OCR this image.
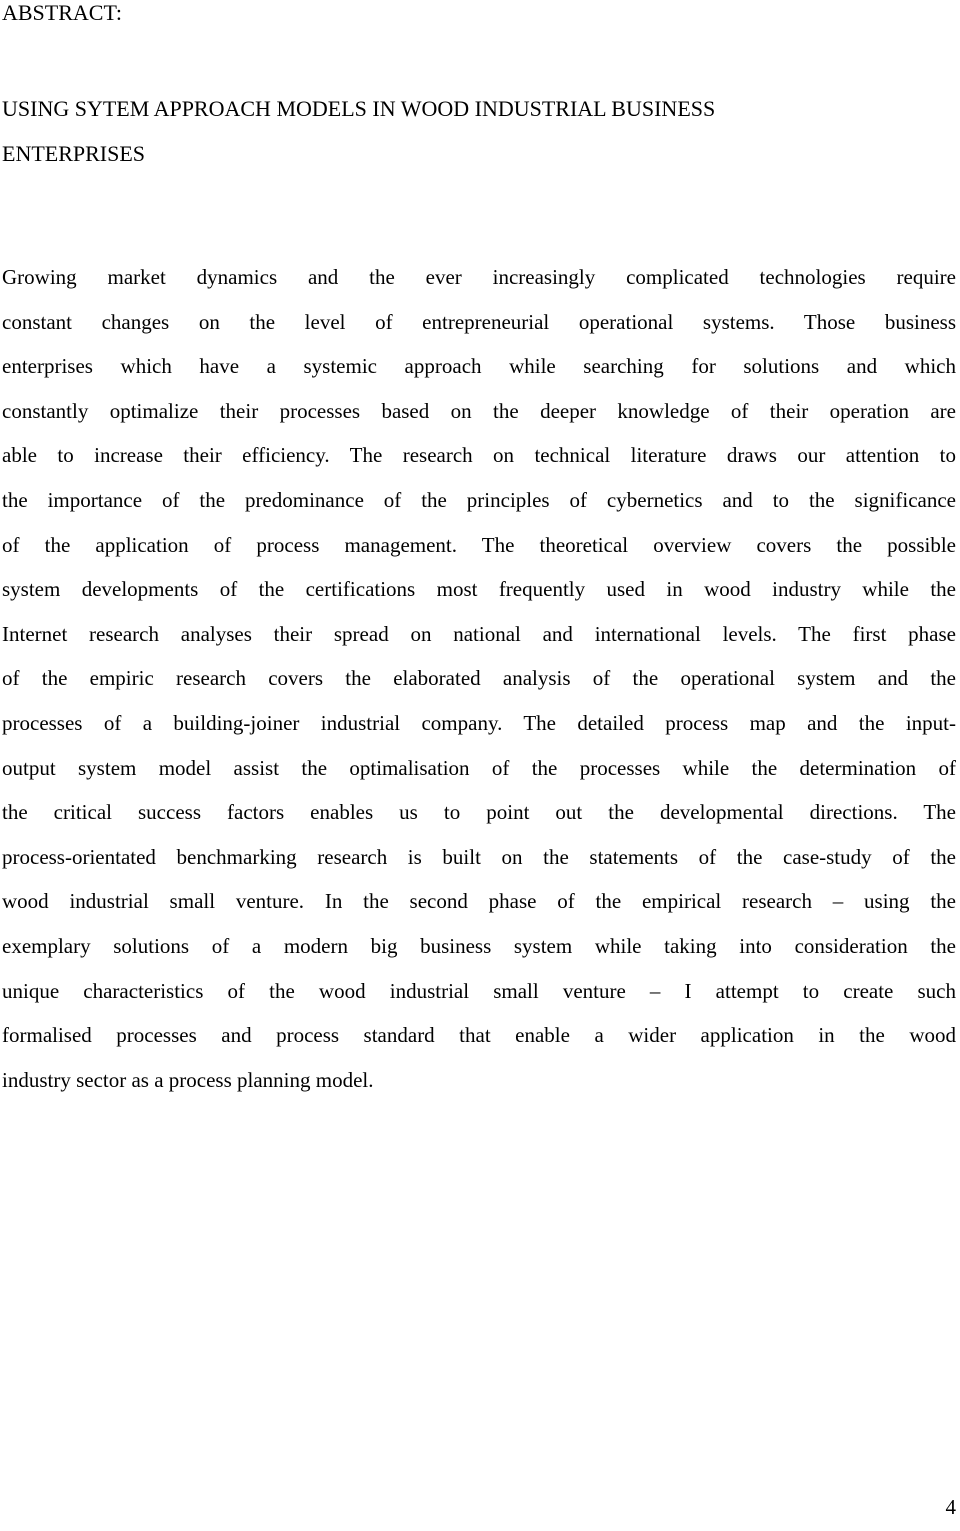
ABSTRACT:
USING SYTEM APPROACH MODELS IN WOOD INDUSTRIAL BUSINESS
ENTERPRISES

Growing market dynamics and the ever increasingly complicated technologies require
constant changes on the level of entrepreneurial operational systems. Those business
enterprises which have a systemic approach while searching for solutions and which
constantly optimalize their processes based on the deeper knowledge of their operation are
able to increase their efficiency. The research on technical literature draws our attention to
the importance of the predominance of the principles of cybernetics and to the significance
of the application of process management. The theoretical overview covers the possible
system developments of the certifications most frequently used in wood industry while the
Internet research analyses their spread on national and international levels. The first phase
of the empiric research covers the elaborated analysis of the operational system and the
processes of a building-joiner industrial company. The detailed process map and the input-
output system model assist the optimalisation of the processes while the determination of
the critical success factors enables us to point out the developmental directions. The
process-orientated benchmarking research is built on the statements of the case-study of the
wood industrial small venture. In the second phase of the empirical research – using the
exemplary solutions of a modern big business system while taking into consideration the
unique characteristics of the wood industrial small venture – I attempt to create such
formalised processes and process standard that enable a wider application in the wood
industry sector as a process planning model.

4
